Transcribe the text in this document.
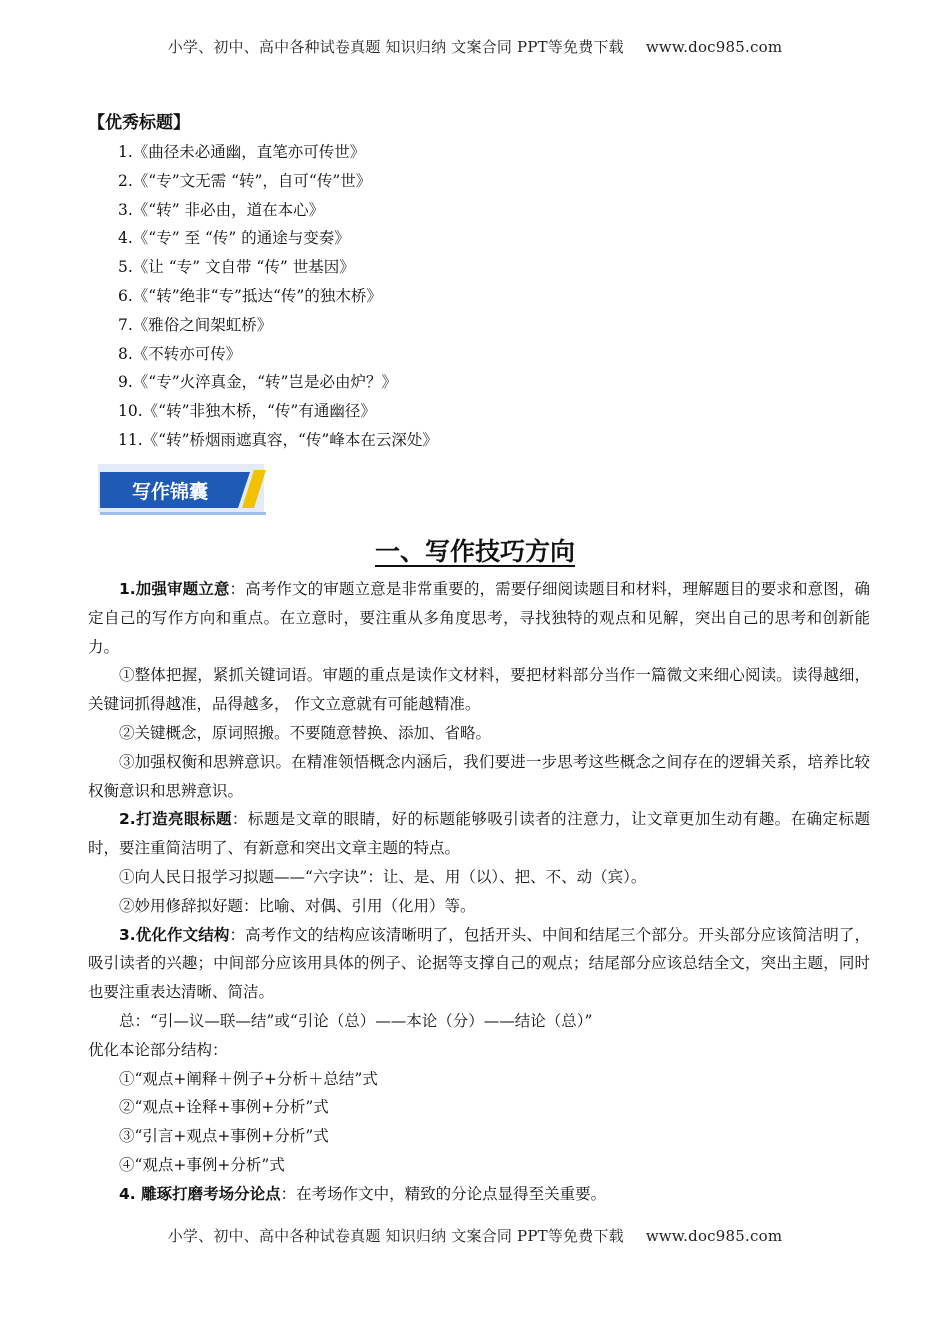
小学、初中、高中各种试卷真题 知识归纳 文案合同 PPT等免费下载 www.doc985.com
【优秀标题】
1.《曲径未必通幽，直笔亦可传世》
2.《“专”文无需 “转”，自可“传”世》
3.《“转” 非必由，道在本心》
4.《“专” 至 “传” 的通途与变奏》
5.《让 “专” 文自带 “传” 世基因》
6.《“转”绝非“专”抵达“传”的独木桥》
7.《雅俗之间架虹桥》
8.《不转亦可传》
9.《“专”火淬真金，“转”岂是必由炉？》
10.《“转”非独木桥，“传”有通幽径》
11.《“转”桥烟雨遮真容，“传”峰本在云深处》
写作锦囊
一、写作技巧方向

1.加强审题立意：高考作文的审题立意是非常重要的，需要仔细阅读题目和材料，理解题目的要求和意图，确定自己的写作方向和重点。在立意时，要注重从多角度思考，寻找独特的观点和见解，突出自己的思考和创新能力。

①整体把握，紧抓关键词语。审题的重点是读作文材料，要把材料部分当作一篇微文来细心阅读。读得越细，关键词抓得越准，品得越多， 作文立意就有可能越精准。

②关键概念，原词照搬。不要随意替换、添加、省略。

③加强权衡和思辨意识。在精准领悟概念内涵后，我们要进一步思考这些概念之间存在的逻辑关系，培养比较权衡意识和思辨意识。

2.打造亮眼标题：标题是文章的眼睛，好的标题能够吸引读者的注意力，让文章更加生动有趣。在确定标题时，要注重简洁明了、有新意和突出文章主题的特点。

①向人民日报学习拟题——“六字诀”：让、是、用（以）、把、不、动（宾）。

②妙用修辞拟好题：比喻、对偶、引用（化用）等。

3.优化作文结构：高考作文的结构应该清晰明了，包括开头、中间和结尾三个部分。开头部分应该简洁明了，吸引读者的兴趣；中间部分应该用具体的例子、论据等支撑自己的观点；结尾部分应该总结全文，突出主题，同时也要注重表达清晰、简洁。

总：“引—议—联—结”或“引论（总）——本论（分）——结论（总）”

优化本论部分结构：

①“观点+阐释＋例子+分析＋总结”式

②“观点+诠释+事例+分析”式

③“引言+观点+事例+分析”式

④“观点+事例+分析”式

4. 雕琢打磨考场分论点：在考场作文中，精致的分论点显得至关重要。

小学、初中、高中各种试卷真题 知识归纳 文案合同 PPT等免费下载 www.doc985.com
